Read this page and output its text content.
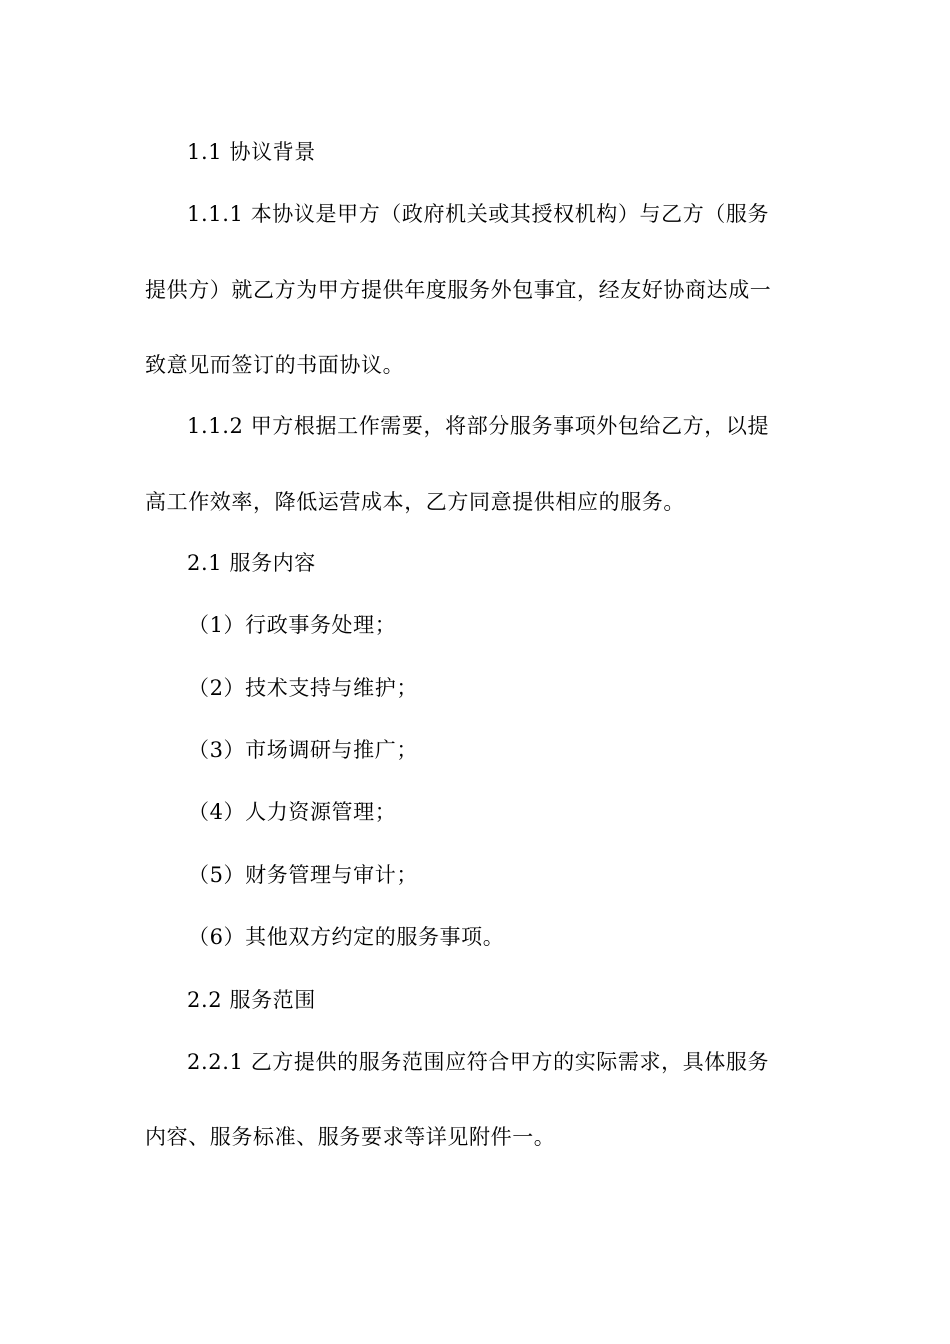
1.1 协议背景
1.1.1 本协议是甲方（政府机关或其授权机构）与乙方（服务
提供方）就乙方为甲方提供年度服务外包事宜，经友好协商达成一
致意见而签订的书面协议。
1.1.2 甲方根据工作需要，将部分服务事项外包给乙方，以提
高工作效率，降低运营成本，乙方同意提供相应的服务。
2.1 服务内容
（1）行政事务处理；
（2）技术支持与维护；
（3）市场调研与推广；
（4）人力资源管理；
（5）财务管理与审计；
（6）其他双方约定的服务事项。
2.2 服务范围
2.2.1 乙方提供的服务范围应符合甲方的实际需求，具体服务
内容、服务标准、服务要求等详见附件一。
